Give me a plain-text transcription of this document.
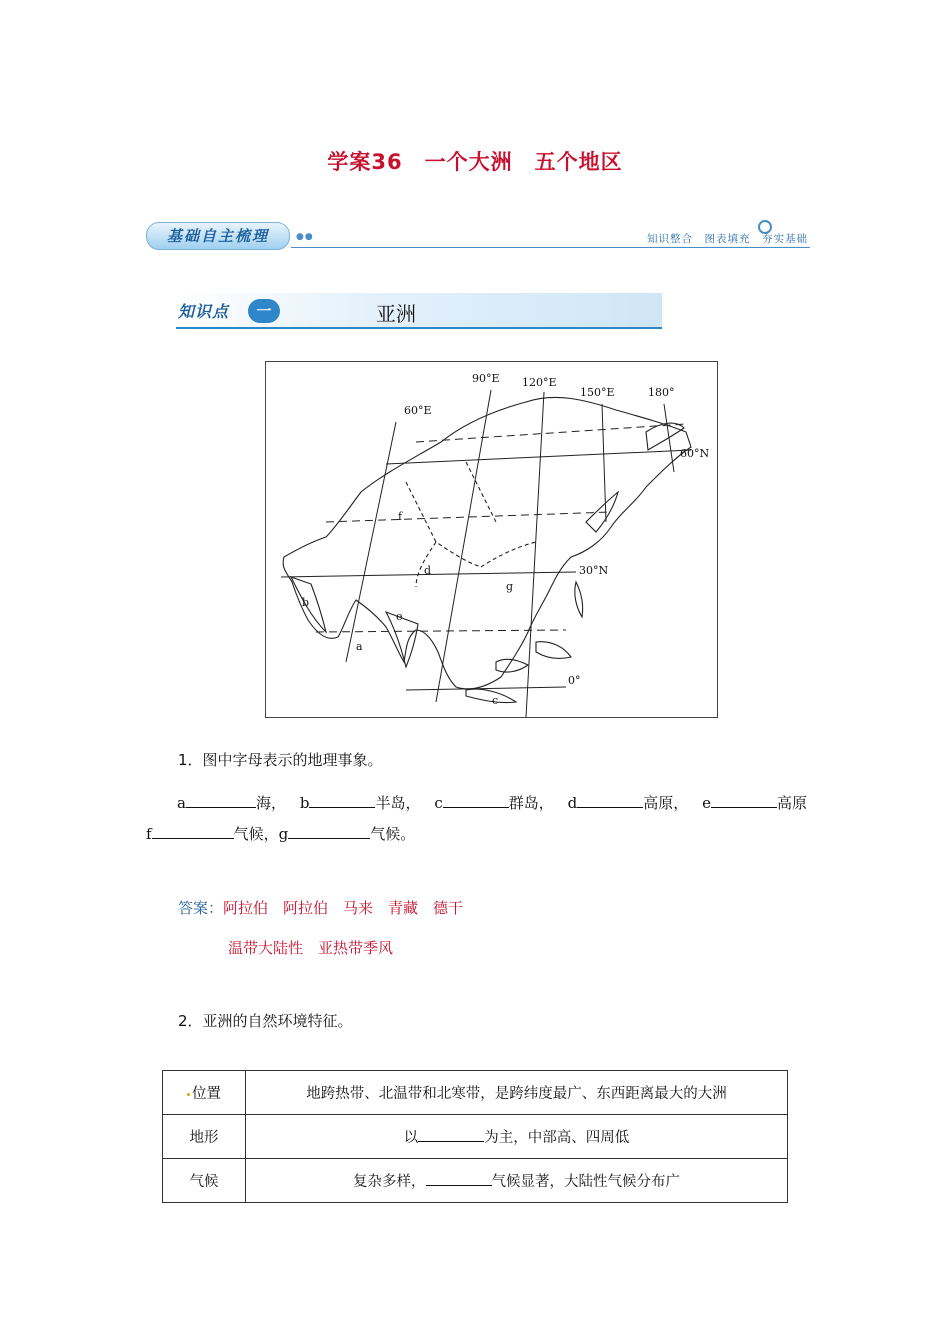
学案36　一个大洲　五个地区
基础自主梳理	●●	知识整合　图表填充　夯实基础
知识点	一	亚洲
60°E
90°E 120°E
150°E	180°
60°N
30°N
0°
a
b
c
d
e
f
g
1．图中字母表示的地理事象。
a	海， b	半岛， c	群岛， d	高原， e	高原
f	气候，g	气候。
答案：阿拉伯　阿拉伯　马来　青藏　德干
温带大陆性　亚热带季风
2．亚洲的自然环境特征。
位置	地跨热带、北温带和北寒带，是跨纬度最广、东西距离最大的大洲
地形	以 为主，中部高、四周低
气候	复杂多样， 气候显著，大陆性气候分布广
